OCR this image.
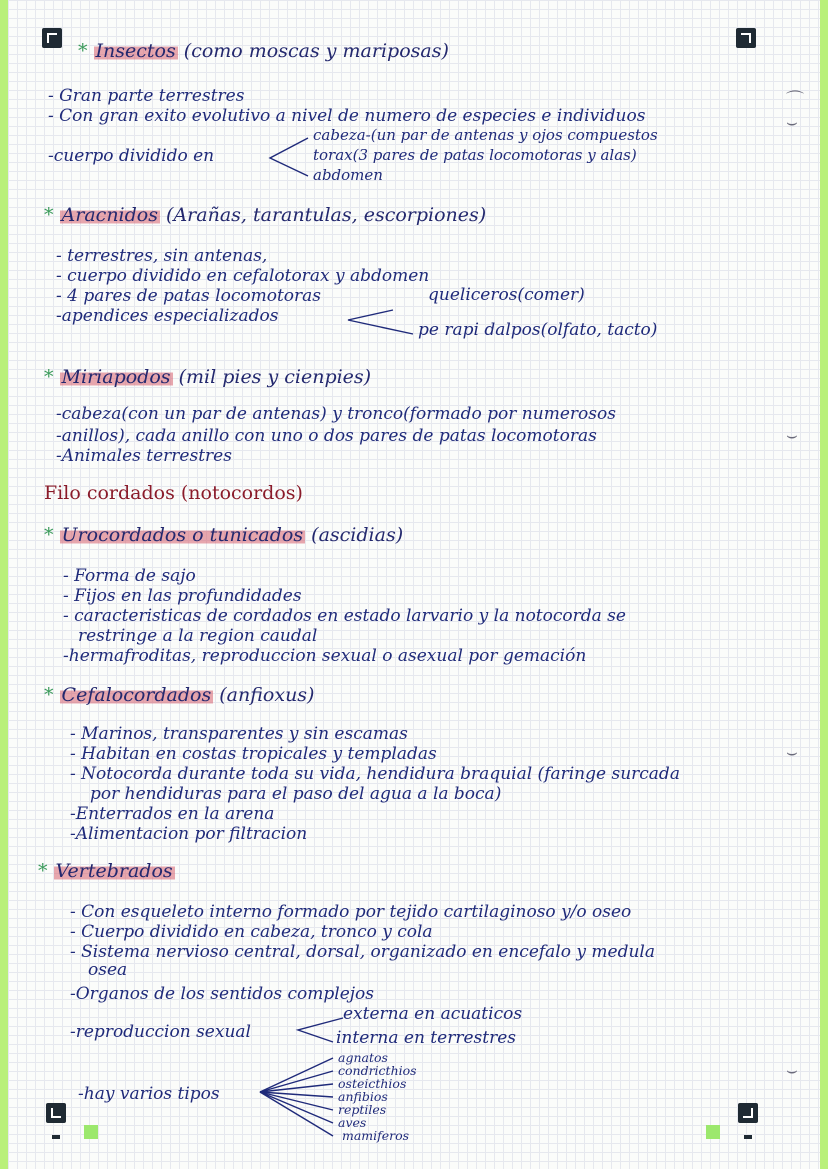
⌒
⌣
⌣
⌣
⌣
* Insectos (como moscas y mariposas)
- Gran parte terrestres
- Con gran exito evolutivo a nivel de numero de especies e individuos
-cuerpo dividido en
cabeza-(un par de antenas y ojos compuestos
torax(3 pares de patas locomotoras y alas)
abdomen
* Aracnidos (Arañas, tarantulas, escorpiones)
- terrestres, sin antenas,
- cuerpo dividido en cefalotorax y abdomen
- 4 pares de patas locomotoras
-apendices especializados
queliceros(comer)
pe rapi dalpos(olfato, tacto)
* Miriapodos (mil pies y cienpies)
-cabeza(con un par de antenas) y tronco(formado por numerosos
-anillos), cada anillo con uno o dos pares de patas locomotoras
-Animales terrestres
Filo cordados (notocordos)
* Urocordados o tunicados (ascidias)
- Forma de sajo
- Fijos en las profundidades
- caracteristicas de cordados en estado larvario y la notocorda se
restringe a la region caudal
-hermafroditas, reproduccion sexual o asexual por gemación
* Cefalocordados (anfioxus)
- Marinos, transparentes y sin escamas
- Habitan en costas tropicales y templadas
- Notocorda durante toda su vida, hendidura braquial (faringe surcada
por hendiduras para el paso del agua a la boca)
-Enterrados en la arena
-Alimentacion por filtracion
* Vertebrados
- Con esqueleto interno formado por tejido cartilaginoso y/o oseo
- Cuerpo dividido en cabeza, tronco y cola
- Sistema nervioso central, dorsal, organizado en encefalo y medula
osea
-Organos de los sentidos complejos
-reproduccion sexual
externa en acuaticos
interna en terrestres
-hay varios tipos
agnatos
condricthios
osteicthios
anfibios
reptiles
aves
mamiferos
